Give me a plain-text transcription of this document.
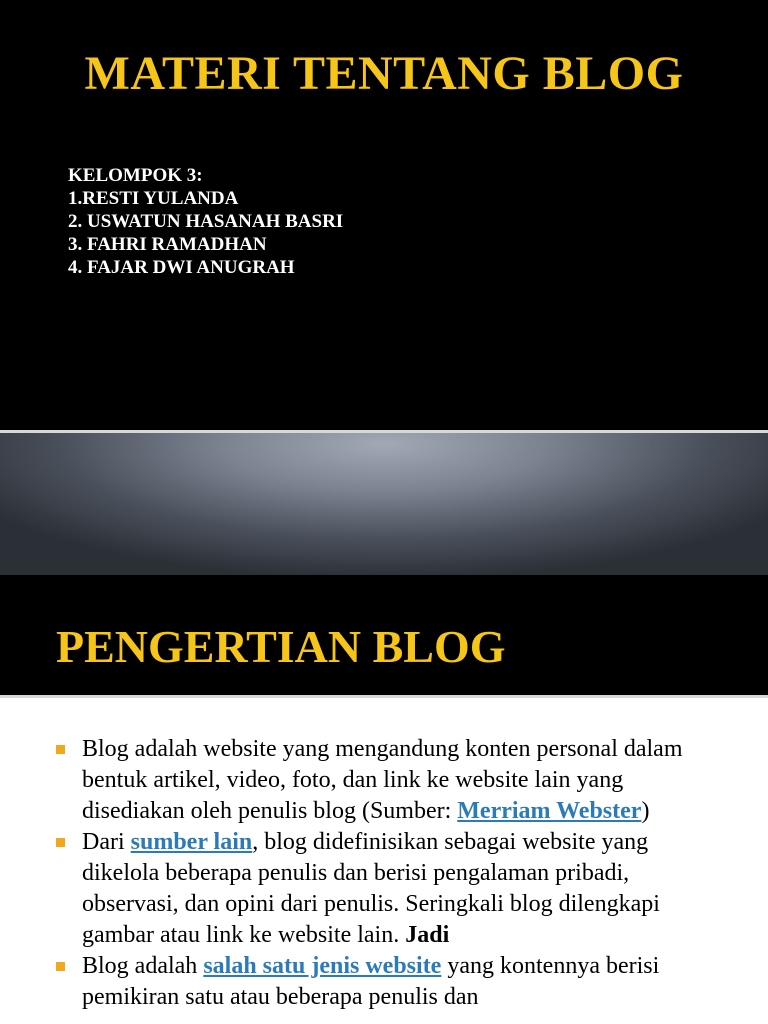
MATERI TENTANG BLOG
KELOMPOK 3:
1.RESTI YULANDA
2. USWATUN HASANAH BASRI
3. FAHRI RAMADHAN
4. FAJAR DWI ANUGRAH
PENGERTIAN BLOG
Blog adalah website yang mengandung konten personal dalam bentuk artikel, video, foto, dan link ke website lain yang disediakan oleh penulis blog (Sumber: Merriam Webster)
Dari sumber lain, blog didefinisikan sebagai website yang dikelola beberapa penulis dan berisi pengalaman pribadi, observasi, dan opini dari penulis. Seringkali blog dilengkapi gambar atau link ke website lain. Jadi
Blog adalah salah satu jenis website yang kontennya berisi pemikiran satu atau beberapa penulis dan
